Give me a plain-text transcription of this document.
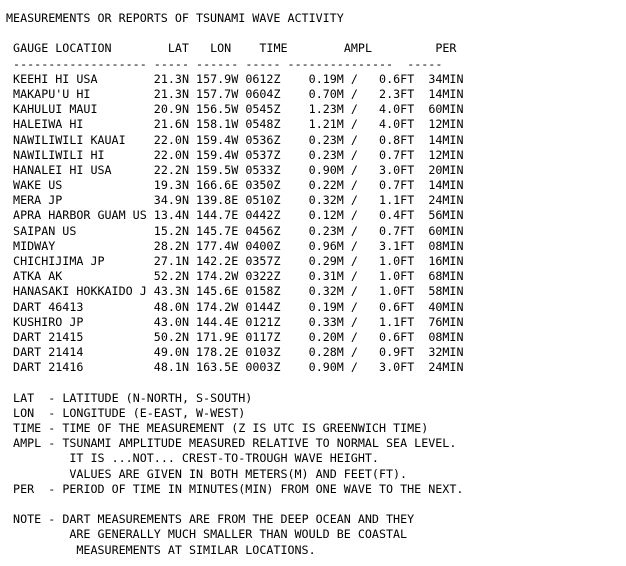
MEASUREMENTS OR REPORTS OF TSUNAMI WAVE ACTIVITY

GAUGE LOCATION	LAT LON TIME	AMPL	PER
------------------- ----- ------ ----- --------------- -----
KEEHI HI USA	21.3N 157.9W 0612Z 0.19M /   0.6FT 34MIN
MAKAPU'U HI	21.3N 157.7W 0604Z 0.70M /   2.3FT 14MIN
KAHULUI MAUI	20.9N 156.5W 0545Z 1.23M /   4.0FT 60MIN
HALEIWA HI	21.6N 158.1W 0548Z 1.21M /   4.0FT 12MIN
NAWILIWILI KAUAI 22.0N 159.4W 0536Z 0.23M /   0.8FT 14MIN
NAWILIWILI HI	22.0N 159.4W 0537Z 0.23M /   0.7FT 12MIN
HANALEI HI USA	22.2N 159.5W 0533Z 0.90M /   3.0FT 20MIN
WAKE US	19.3N 166.6E 0350Z 0.22M /   0.7FT 14MIN
MERA JP	34.9N 139.8E 0510Z 0.32M /   1.1FT 24MIN
APRA HARBOR GUAM US 13.4N 144.7E 0442Z 0.12M /   0.4FT 56MIN
SAIPAN US	15.2N 145.7E 0456Z 0.23M /   0.7FT 60MIN
MIDWAY	28.2N 177.4W 0400Z 0.96M /   3.1FT 08MIN
CHICHIJIMA JP	27.1N 142.2E 0357Z 0.29M /   1.0FT 16MIN
ATKA AK	52.2N 174.2W 0322Z 0.31M /   1.0FT 68MIN
HANASAKI HOKKAIDO J 43.3N 145.6E 0158Z 0.32M /   1.0FT 58MIN
DART 46413	48.0N 174.2W 0144Z 0.19M /   0.6FT 40MIN
KUSHIRO JP	43.0N 144.4E 0121Z 0.33M /   1.1FT 76MIN
DART 21415	50.2N 171.9E 0117Z 0.20M /   0.6FT 08MIN
DART 21414	49.0N 178.2E 0103Z 0.28M /   0.9FT 32MIN
DART 21416	48.1N 163.5E 0003Z 0.90M /   3.0FT 24MIN

LAT  - LATITUDE (N-NORTH, S-SOUTH)
LON  - LONGITUDE (E-EAST, W-WEST)
TIME - TIME OF THE MEASUREMENT (Z IS UTC IS GREENWICH TIME)
AMPL - TSUNAMI AMPLITUDE MEASURED RELATIVE TO NORMAL SEA LEVEL.
IT IS ...NOT... CREST-TO-TROUGH WAVE HEIGHT.
VALUES ARE GIVEN IN BOTH METERS(M) AND FEET(FT).
PER  - PERIOD OF TIME IN MINUTES(MIN) FROM ONE WAVE TO THE NEXT.

NOTE - DART MEASUREMENTS ARE FROM THE DEEP OCEAN AND THEY
ARE GENERALLY MUCH SMALLER THAN WOULD BE COASTAL
MEASUREMENTS AT SIMILAR LOCATIONS.
